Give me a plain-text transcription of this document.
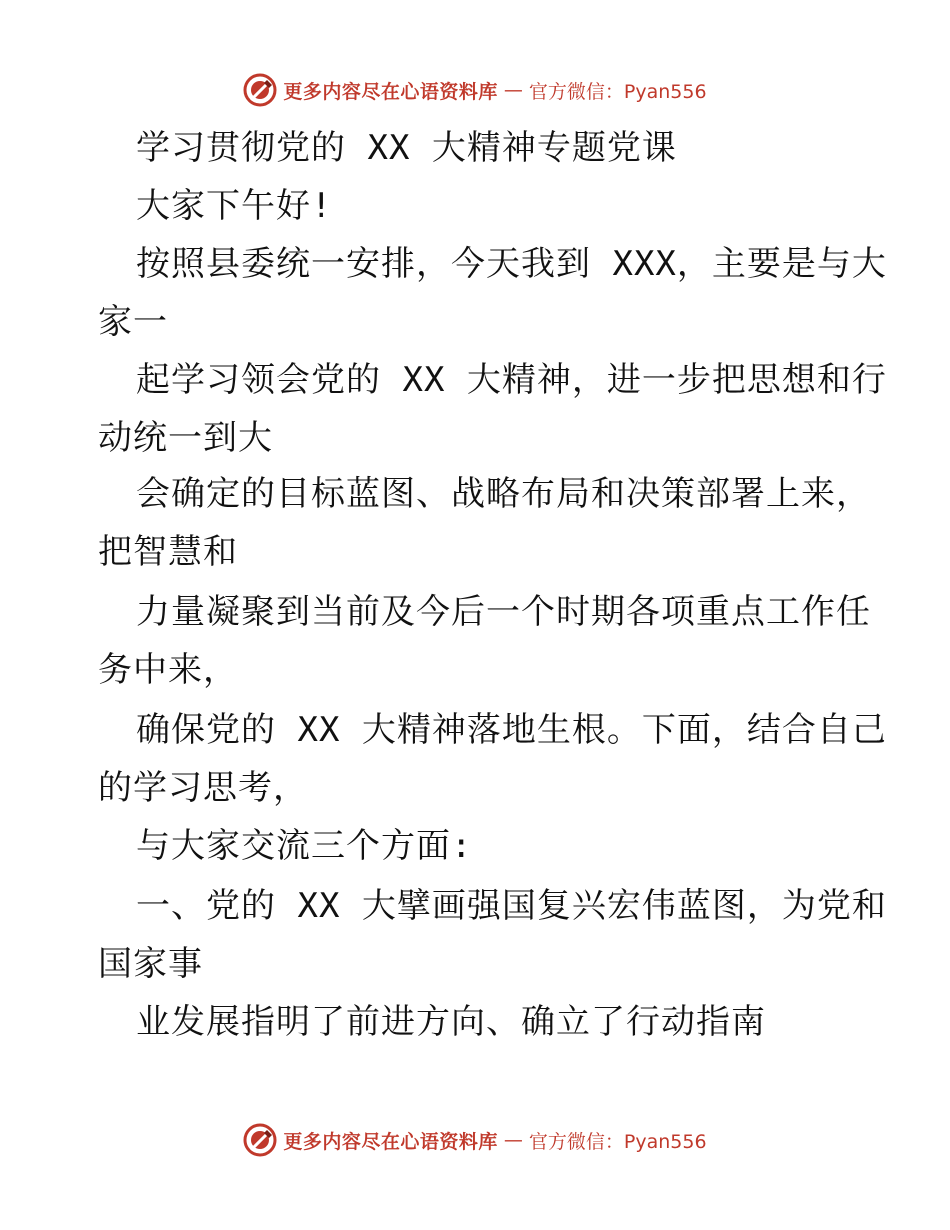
更多内容尽在心语资料库 — 官方微信：Pyan556
学习贯彻党的 XX 大精神专题党课
大家下午好!
按照县委统一安排，今天我到 XXX，主要是与大
家一
起学习领会党的 XX 大精神，进一步把思想和行
动统一到大
会确定的目标蓝图、战略布局和决策部署上来，
把智慧和
力量凝聚到当前及今后一个时期各项重点工作任
务中来，
确保党的 XX 大精神落地生根。下面，结合自己
的学习思考，
与大家交流三个方面:
一、党的 XX 大擘画强国复兴宏伟蓝图，为党和
国家事
业发展指明了前进方向、确立了行动指南
更多内容尽在心语资料库 — 官方微信：Pyan556
